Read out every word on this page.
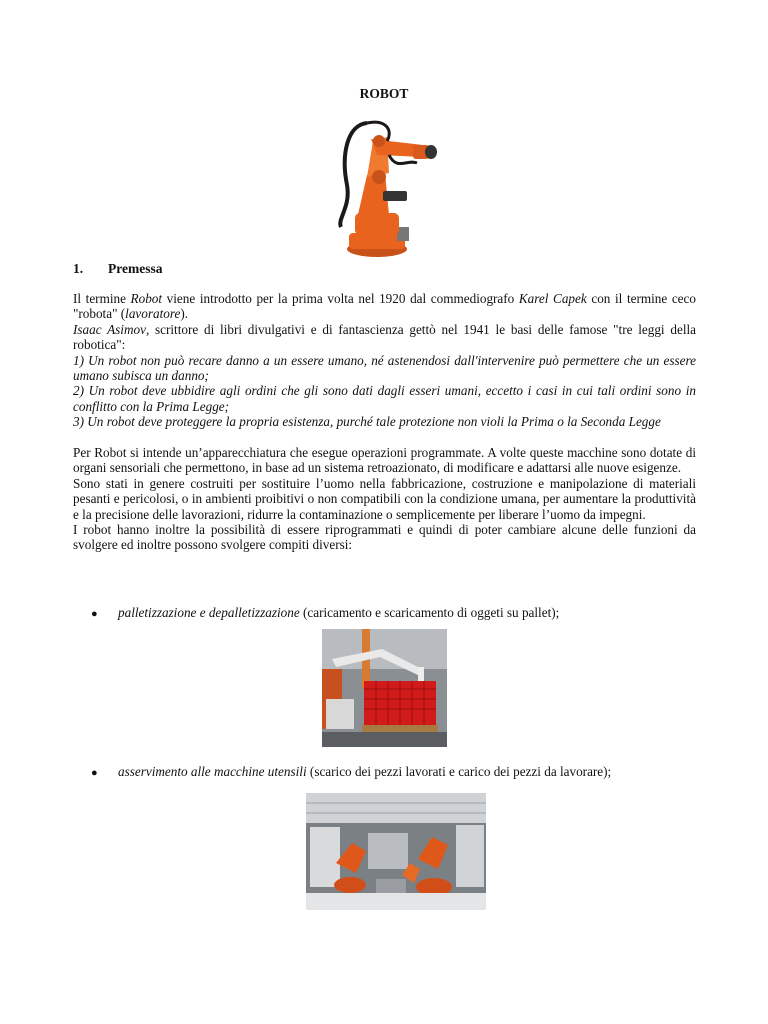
ROBOT
1. Premessa

Il termine Robot viene introdotto per la prima volta nel 1920 dal commediografo Karel Capek con il termine ceco "robota" (lavoratore).

Isaac Asimov, scrittore di libri divulgativi e di fantascienza gettò nel 1941 le basi delle famose "tre leggi della robotica":

1) Un robot non può recare danno a un essere umano, né astenendosi dall'intervenire può permettere che un essere umano subisca un danno;

2) Un robot deve ubbidire agli ordini che gli sono dati dagli esseri umani, eccetto i casi in cui tali ordini sono in conflitto con la Prima Legge;

3) Un robot deve proteggere la propria esistenza, purché tale protezione non violi la Prima o la Seconda Legge

Per Robot si intende un’apparecchiatura che esegue operazioni programmate. A volte queste macchine sono dotate di organi sensoriali che permettono, in base ad un sistema retroazionato, di modificare e adattarsi alle nuove esigenze.

Sono stati in genere costruiti per sostituire l’uomo nella fabbricazione, costruzione e manipolazione di materiali pesanti e pericolosi, o in ambienti proibitivi o non compatibili con la condizione umana, per aumentare la produttività e la precisione delle lavorazioni, ridurre la contaminazione o semplicemente per liberare l’uomo da impegni.

I robot hanno inoltre la possibilità di essere riprogrammati e quindi di poter cambiare alcune delle funzioni da svolgere ed inoltre possono svolgere compiti diversi:

● palletizzazione e depalletizzazione (caricamento e scaricamento di oggeti su pallet);
● asservimento alle macchine utensili (scarico dei pezzi lavorati e carico dei pezzi da lavorare);
